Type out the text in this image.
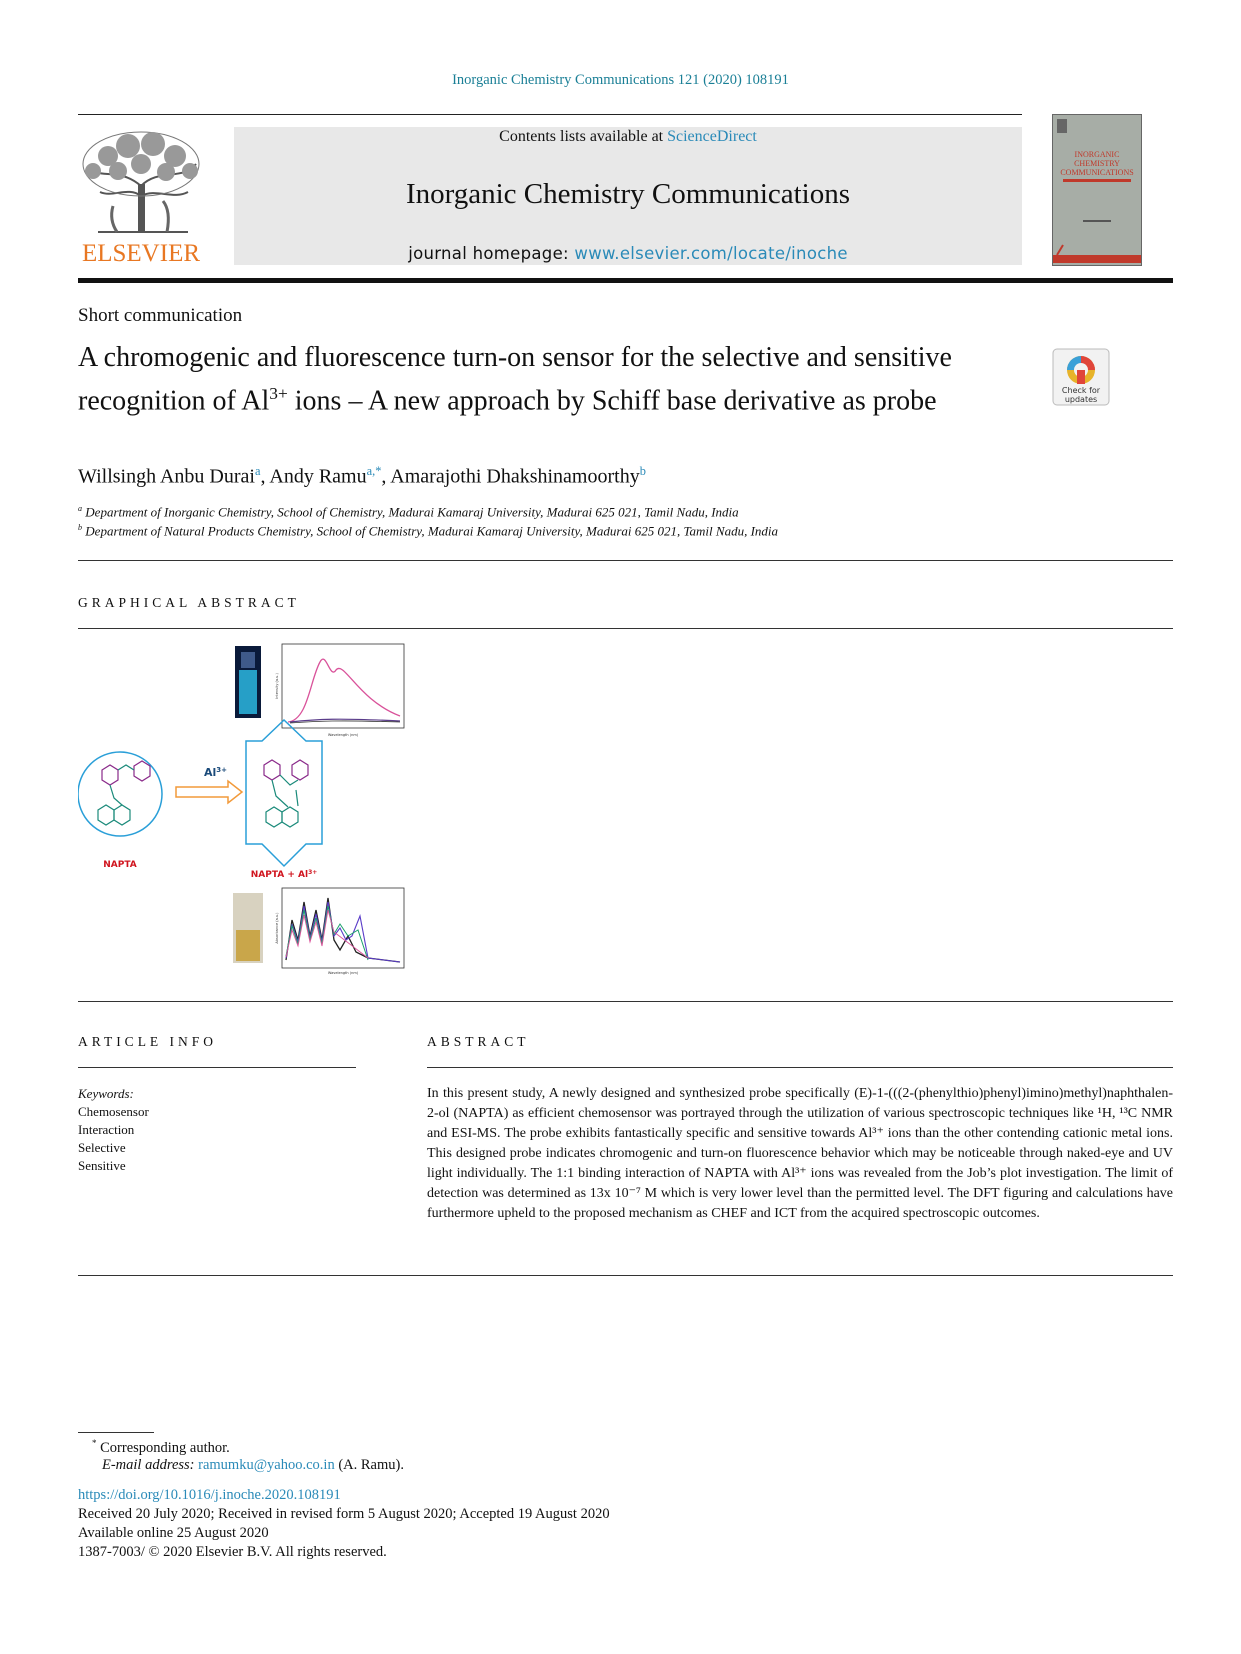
Inorganic Chemistry Communications 121 (2020) 108191
ELSEVIER
Contents lists available at ScienceDirect
Inorganic Chemistry Communications
journal homepage: www.elsevier.com/locate/inoche
INORGANIC
CHEMISTRY
COMMUNICATIONS
Short communication
A chromogenic and fluorescence turn-on sensor for the selective and sensitive recognition of $Al^{3+}$ ions – A new approach by Schiff base derivative as probe	Check for
updates
Willsingh Anbu Durai$^a$, Andy Ramu$^{a,*}$, Amarajothi Dhakshinamoorthy$^b$
$^a$ Department of Inorganic Chemistry, School of Chemistry, Madurai Kamaraj University, Madurai 625 021, Tamil Nadu, India
$^b$ Department of Natural Products Chemistry, School of Chemistry, Madurai Kamaraj University, Madurai 625 021, Tamil Nadu, India
GRAPHICAL ABSTRACT
Wavelength (nm)
Intensity (a.u.)
NAPTA
$Al^{3+}$
NAPTA + $Al^{3+}$
Wavelength (nm)
Absorbance (a.u.)
ARTICLE INFO
Keywords:
Chemosensor
Interaction
Selective
Sensitive
ABSTRACT
In this present study, A newly designed and synthesized probe specifically (E)-1-(((2-(phenylthio)phenyl)imino)methyl)naphthalen-2-ol (NAPTA) as efficient chemosensor was portrayed through the utilization of various spectroscopic techniques like ¹H, ¹³C NMR and ESI-MS. The probe exhibits fantastically specific and sensitive towards Al³⁺ ions than the other contending cationic metal ions. This designed probe indicates chromogenic and turn-on fluorescence behavior which may be noticeable through naked-eye and UV light individually. The 1:1 binding interaction of NAPTA with Al³⁺ ions was revealed from the Job’s plot investigation. The limit of detection was determined as 13x 10⁻⁷ M which is very lower level than the permitted level. The DFT figuring and calculations have furthermore upheld to the proposed mechanism as CHEF and ICT from the acquired spectroscopic outcomes.
* Corresponding author.
E-mail address: ramumku@yahoo.co.in (A. Ramu).
https://doi.org/10.1016/j.inoche.2020.108191
Received 20 July 2020; Received in revised form 5 August 2020; Accepted 19 August 2020
Available online 25 August 2020
1387-7003/ © 2020 Elsevier B.V. All rights reserved.
